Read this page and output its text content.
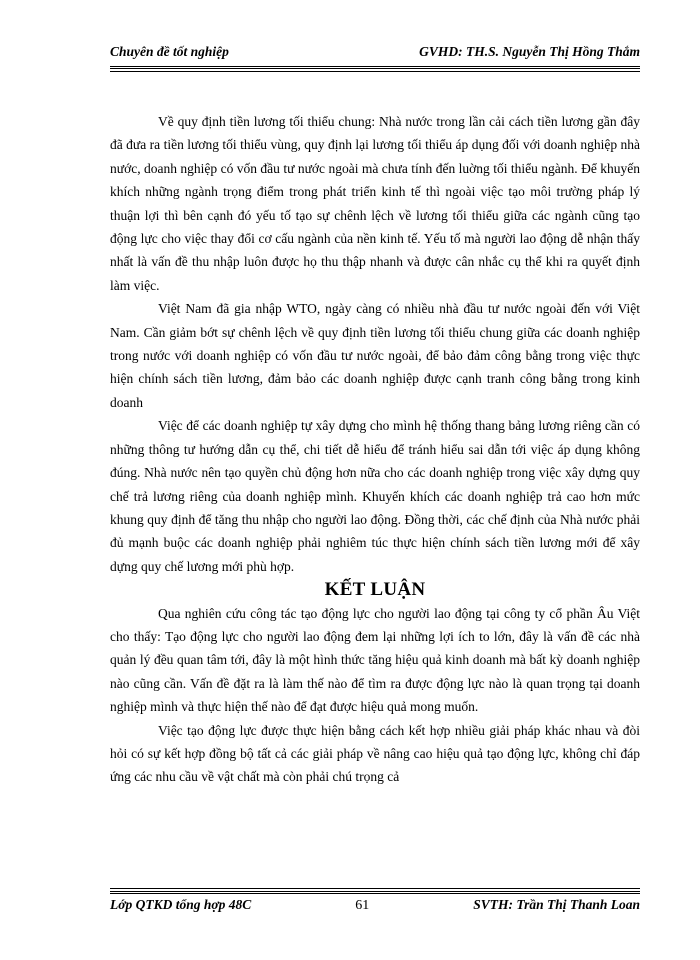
Chuyên đề tốt nghiệp	GVHD: TH.S. Nguyễn Thị Hồng Thắm

Về quy định tiền lương tối thiểu chung: Nhà nước trong lần cải cách tiền lương gần đây đã đưa ra tiền lương tối thiểu vùng, quy định lại lương tối thiểu áp dụng đối với doanh nghiệp nhà nước, doanh nghiệp có vốn đầu tư nước ngoài mà chưa tính đến luờng tối thiểu ngành. Để khuyến khích những ngành trọng điểm trong phát triển kinh tế thì ngoài việc tạo môi trường pháp lý thuận lợi thì bên cạnh đó yếu tố tạo sự chênh lệch về lương tối thiểu giữa các ngành cũng tạo động lực cho việc thay đổi cơ cấu ngành của nền kinh tế. Yếu tố mà người lao động dễ nhận thấy nhất là vấn đề thu nhập luôn được họ thu thập nhanh và được cân nhắc cụ thể khi ra quyết định làm việc.

Việt Nam đã gia nhập WTO, ngày càng có nhiều nhà đầu tư nước ngoài đến với Việt Nam. Cần giảm bớt sự chênh lệch về quy định tiền lương tối thiểu chung giữa các doanh nghiệp trong nước với doanh nghiệp có vốn đầu tư nước ngoài, để bảo đảm công bằng trong việc thực hiện chính sách tiền lương, đảm bảo các doanh nghiệp được cạnh tranh công bằng trong kinh doanh

Việc để các doanh nghiệp tự xây dựng cho mình hệ thống thang bảng lương riêng cần có những thông tư hướng dẫn cụ thể, chi tiết dễ hiểu để tránh hiểu sai dẫn tới việc áp dụng không đúng. Nhà nước nên tạo quyền chủ động hơn nữa cho các doanh nghiệp trong việc xây dựng quy chế trả lương riêng của doanh nghiệp mình. Khuyến khích các doanh nghiệp trả cao hơn mức khung quy định để tăng thu nhập cho người lao động. Đồng thời, các chế định của Nhà nước phải đủ mạnh buộc các doanh nghiệp phải nghiêm túc thực hiện chính sách tiền lương mới để xây dựng quy chế lương mới phù hợp.

KẾT LUẬN

Qua nghiên cứu công tác tạo động lực cho người lao động tại công ty cổ phần Âu Việt cho thấy: Tạo động lực cho người lao động đem lại những lợi ích to lớn, đây là vấn đề các nhà quản lý đều quan tâm tới, đây là một hình thức tăng hiệu quả kinh doanh mà bất kỳ doanh nghiệp nào cũng cần. Vấn đề đặt ra là làm thế nào để tìm ra được động lực nào là quan trọng tại doanh nghiệp mình và thực hiện thế nào để đạt được hiệu quả mong muốn.

Việc tạo động lực được thực hiện bằng cách kết hợp nhiều giải pháp khác nhau và đòi hỏi có sự kết hợp đồng bộ tất cả các giải pháp về nâng cao hiệu quả tạo động lực, không chỉ đáp ứng các nhu cầu về vật chất mà còn phải chú trọng cả

Lớp QTKD tổng hợp 48C	61	SVTH: Trần Thị Thanh Loan
